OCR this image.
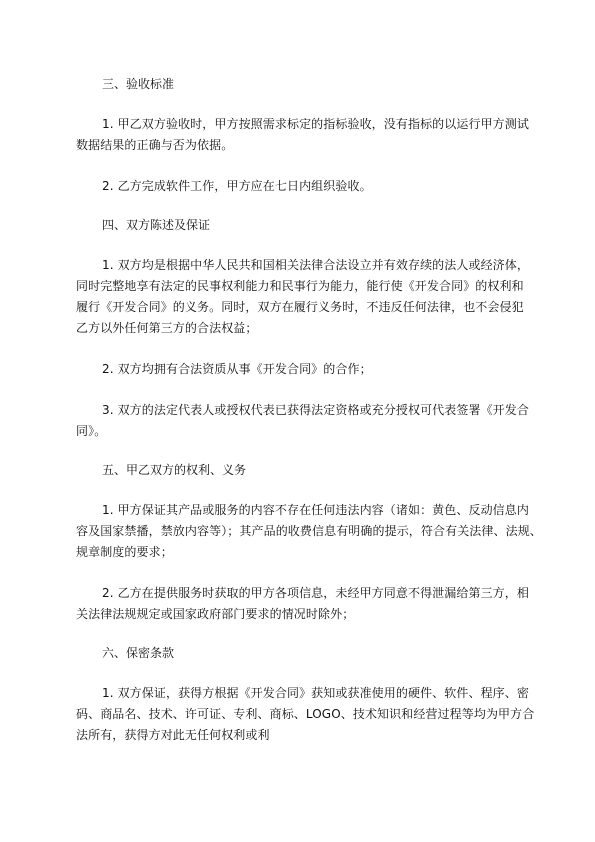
三、验收标准
1. 甲乙双方验收时，甲方按照需求标定的指标验收，没有指标的以运行甲方测试
数据结果的正确与否为依据。
2. 乙方完成软件工作，甲方应在七日内组织验收。
四、双方陈述及保证
1. 双方均是根据中华人民共和国相关法律合法设立并有效存续的法人或经济体，
同时完整地享有法定的民事权利能力和民事行为能力，能行使《开发合同》的权利和
履行《开发合同》的义务。同时，双方在履行义务时，不违反任何法律，也不会侵犯
乙方以外任何第三方的合法权益；
2. 双方均拥有合法资质从事《开发合同》的合作；
3. 双方的法定代表人或授权代表已获得法定资格或充分授权可代表签署《开发合
同》。
五、甲乙双方的权利、义务
1. 甲方保证其产品或服务的内容不存在任何违法内容（诸如：黄色、反动信息内
容及国家禁播，禁放内容等）；其产品的收费信息有明确的提示，符合有关法律、法规、
规章制度的要求；
2. 乙方在提供服务时获取的甲方各项信息，未经甲方同意不得泄漏给第三方，相
关法律法规规定或国家政府部门要求的情况时除外；
六、保密条款
1. 双方保证，获得方根据《开发合同》获知或获准使用的硬件、软件、程序、密
码、商品名、技术、许可证、专利、商标、LOGO、技术知识和经营过程等均为甲方合
法所有，获得方对此无任何权利或利
